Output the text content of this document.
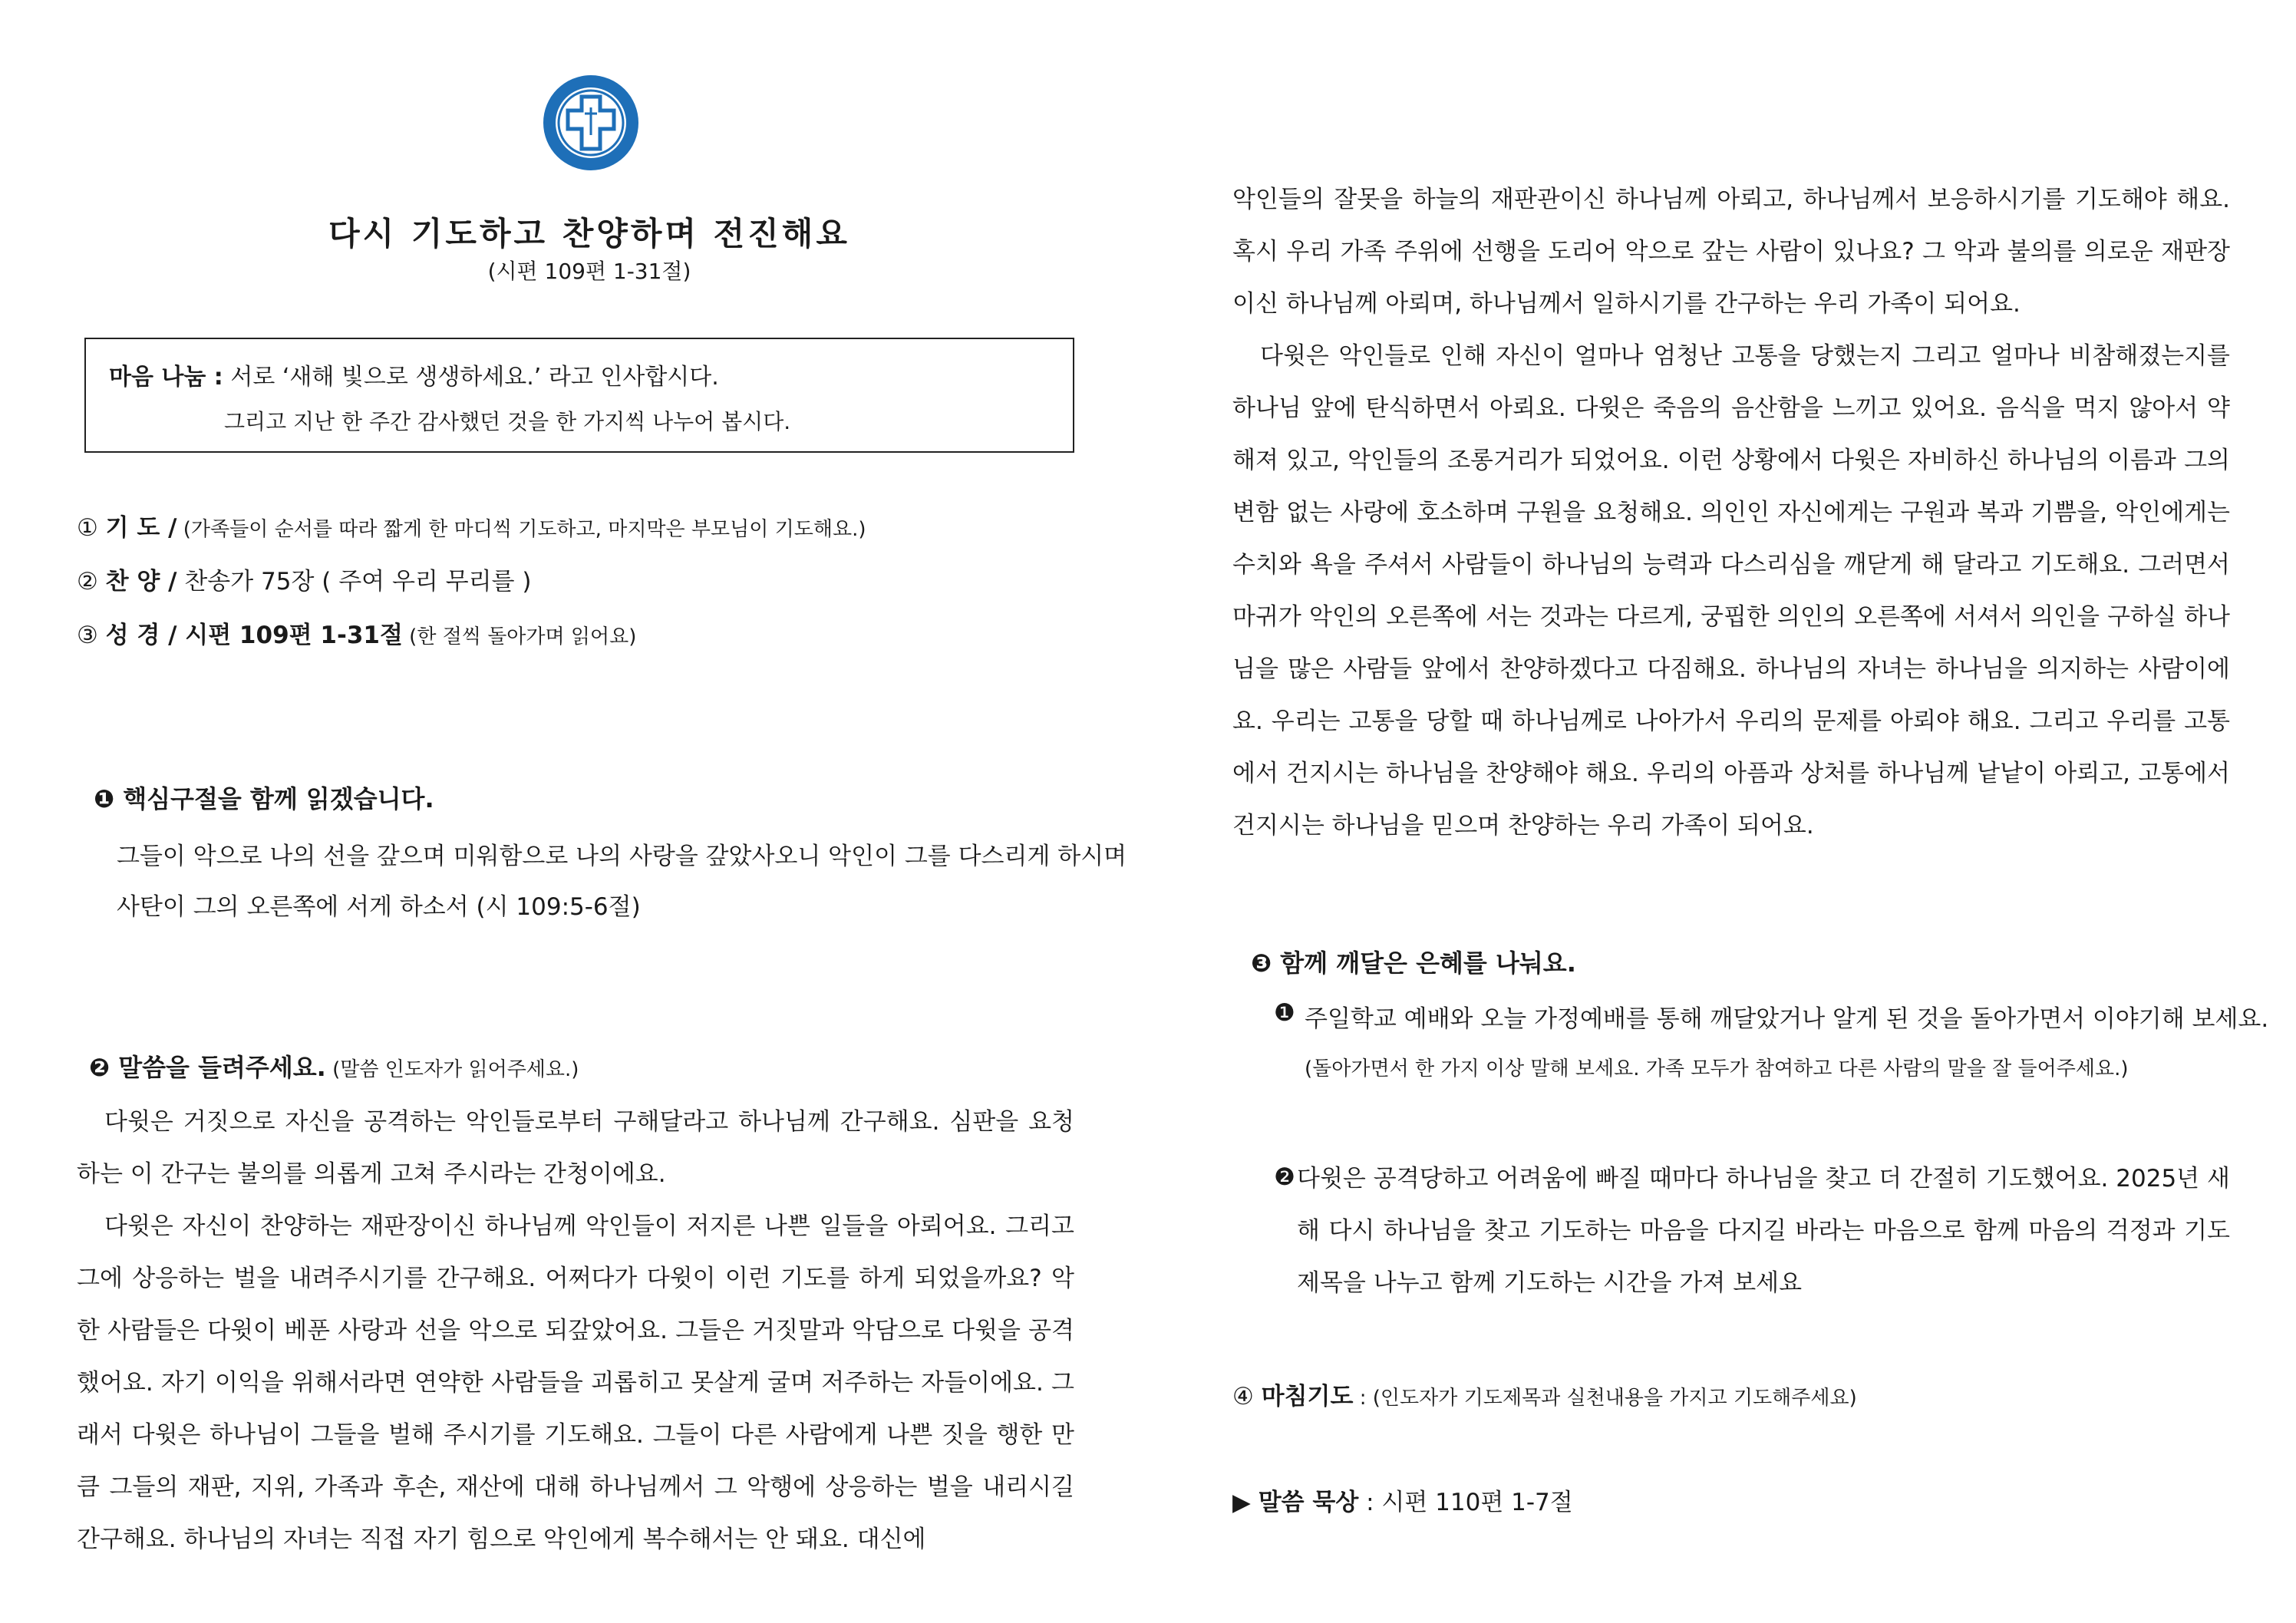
다시 기도하고 찬양하며 전진해요
(시편 109편 1-31절)
마음 나눔 : 서로 ‘새해 빛으로 생생하세요.’ 라고 인사합시다.
그리고 지난 한 주간 감사했던 것을 한 가지씩 나누어 봅시다.
① 기 도 / (가족들이 순서를 따라 짧게 한 마디씩 기도하고, 마지막은 부모님이 기도해요.)
② 찬 양 / 찬송가 75장 ( 주여 우리 무리를 )
③ 성 경 / 시편 109편 1-31절 (한 절씩 돌아가며 읽어요)
❶ 핵심구절을 함께 읽겠습니다.
그들이 악으로 나의 선을 갚으며 미워함으로 나의 사랑을 갚았사오니 악인이 그를 다스리게 하시며
사탄이 그의 오른쪽에 서게 하소서 (시 109:5-6절)
❷ 말씀을 들려주세요. (말씀 인도자가 읽어주세요.)

다윗은 거짓으로 자신을 공격하는 악인들로부터 구해달라고 하나님께 간구해요. 심판을 요청하는 이 간구는 불의를 의롭게 고쳐 주시라는 간청이에요.

다윗은 자신이 찬양하는 재판장이신 하나님께 악인들이 저지른 나쁜 일들을 아뢰어요. 그리고 그에 상응하는 벌을 내려주시기를 간구해요. 어쩌다가 다윗이 이런 기도를 하게 되었을까요? 악한 사람들은 다윗이 베푼 사랑과 선을 악으로 되갚았어요. 그들은 거짓말과 악담으로 다윗을 공격했어요. 자기 이익을 위해서라면 연약한 사람들을 괴롭히고 못살게 굴며 저주하는 자들이에요. 그래서 다윗은 하나님이 그들을 벌해 주시기를 기도해요. 그들이 다른 사람에게 나쁜 짓을 행한 만큼 그들의 재판, 지위, 가족과 후손, 재산에 대해 하나님께서 그 악행에 상응하는 벌을 내리시길 간구해요. 하나님의 자녀는 직접 자기 힘으로 악인에게 복수해서는 안 돼요. 대신에

악인들의 잘못을 하늘의 재판관이신 하나님께 아뢰고, 하나님께서 보응하시기를 기도해야 해요. 혹시 우리 가족 주위에 선행을 도리어 악으로 갚는 사람이 있나요? 그 악과 불의를 의로운 재판장이신 하나님께 아뢰며, 하나님께서 일하시기를 간구하는 우리 가족이 되어요.

다윗은 악인들로 인해 자신이 얼마나 엄청난 고통을 당했는지 그리고 얼마나 비참해졌는지를 하나님 앞에 탄식하면서 아뢰요. 다윗은 죽음의 음산함을 느끼고 있어요. 음식을 먹지 않아서 약해져 있고, 악인들의 조롱거리가 되었어요. 이런 상황에서 다윗은 자비하신 하나님의 이름과 그의 변함 없는 사랑에 호소하며 구원을 요청해요. 의인인 자신에게는 구원과 복과 기쁨을, 악인에게는 수치와 욕을 주셔서 사람들이 하나님의 능력과 다스리심을 깨닫게 해 달라고 기도해요. 그러면서 마귀가 악인의 오른쪽에 서는 것과는 다르게, 궁핍한 의인의 오른쪽에 서셔서 의인을 구하실 하나님을 많은 사람들 앞에서 찬양하겠다고 다짐해요. 하나님의 자녀는 하나님을 의지하는 사람이에요. 우리는 고통을 당할 때 하나님께로 나아가서 우리의 문제를 아뢰야 해요. 그리고 우리를 고통에서 건지시는 하나님을 찬양해야 해요. 우리의 아픔과 상처를 하나님께 낱낱이 아뢰고, 고통에서 건지시는 하나님을 믿으며 찬양하는 우리 가족이 되어요.

❸ 함께 깨달은 은혜를 나눠요.
❶ 주일학교 예배와 오늘 가정예배를 통해 깨달았거나 알게 된 것을 돌아가면서 이야기해 보세요.
(돌아가면서 한 가지 이상 말해 보세요. 가족 모두가 참여하고 다른 사람의 말을 잘 들어주세요.)
❷ 다윗은 공격당하고 어려움에 빠질 때마다 하나님을 찾고 더 간절히 기도했어요. 2025년 새해 다시 하나님을 찾고 기도하는 마음을 다지길 바라는 마음으로 함께 마음의 걱정과 기도 제목을 나누고 함께 기도하는 시간을 가져 보세요
④ 마침기도 : (인도자가 기도제목과 실천내용을 가지고 기도해주세요)
▶ 말씀 묵상 : 시편 110편 1-7절
